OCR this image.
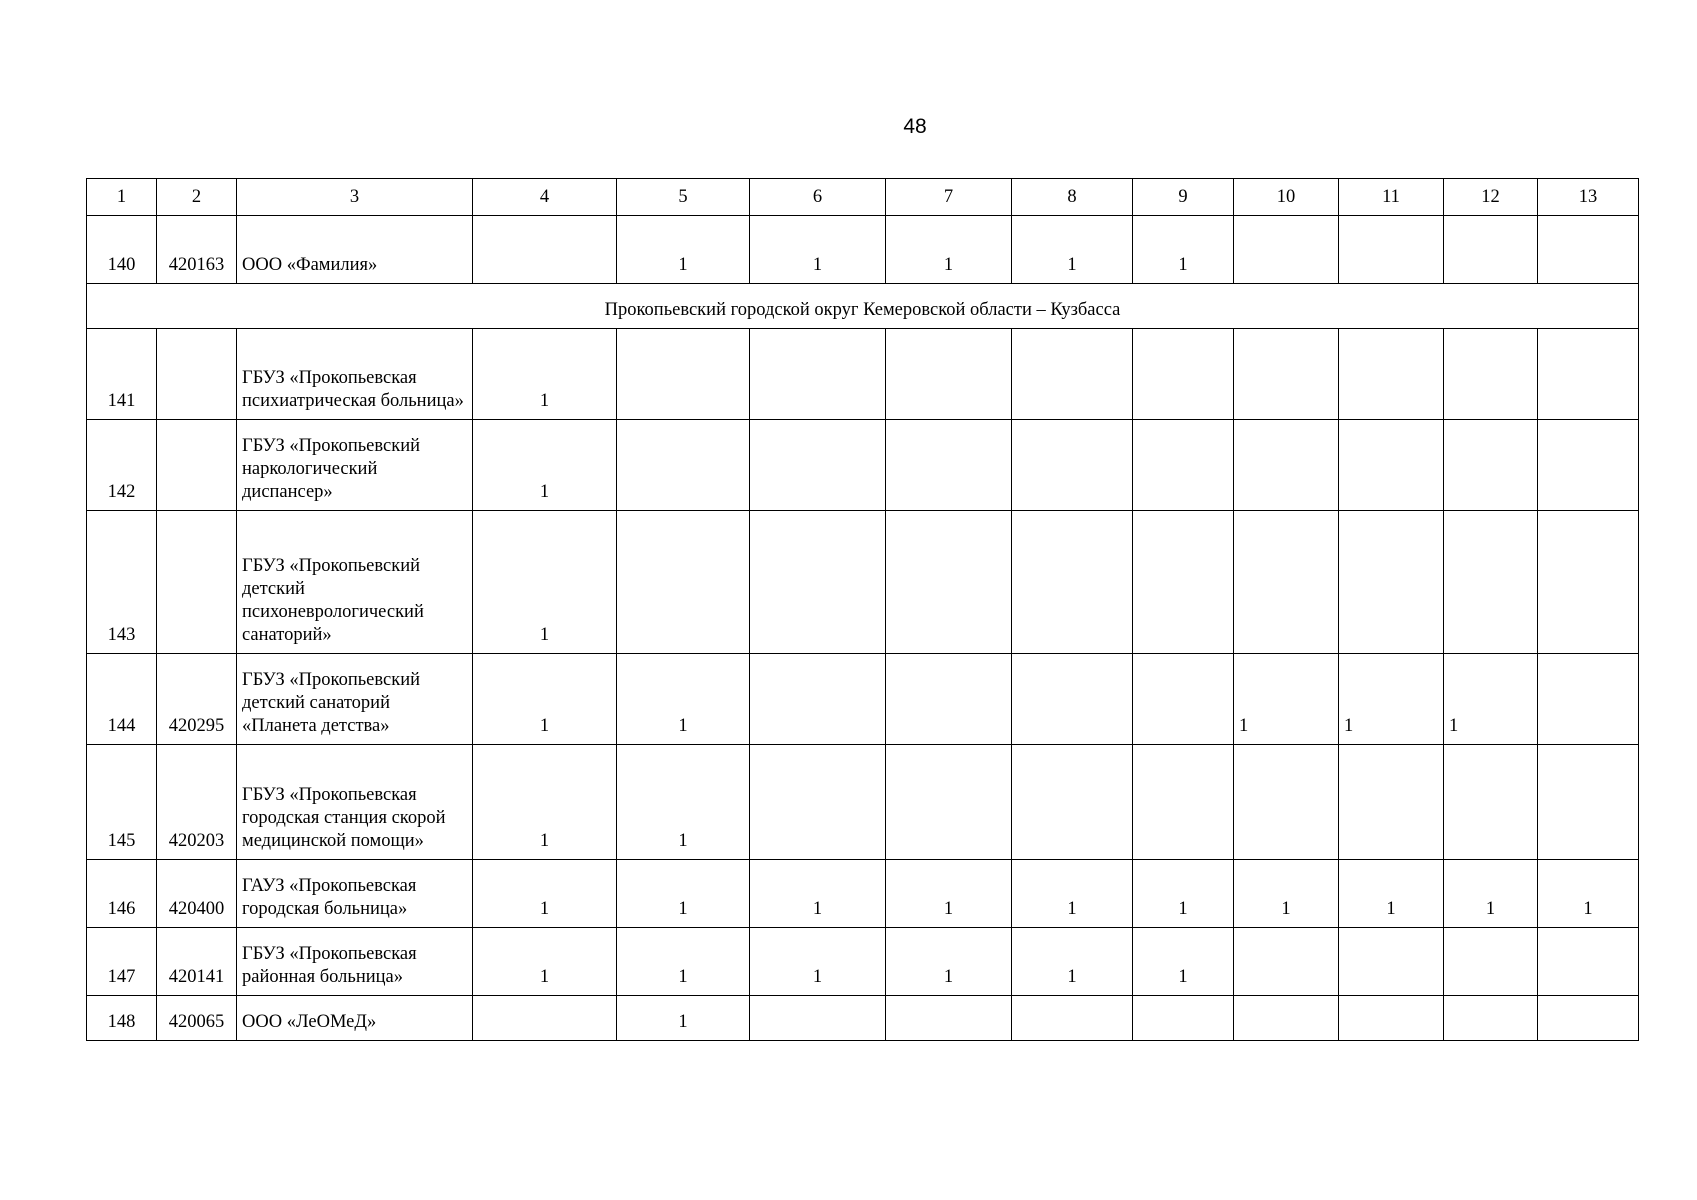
48
1	2	3	4	5	6	7	8	9	10	11	12	13
140	420163	ООО «Фамилия»		1	1	1	1	1				
Прокопьевский городской округ Кемеровской области – Кузбасса												
141		ГБУЗ «Прокопьевская психиатрическая больница»	1									
142		ГБУЗ «Прокопьевский наркологический диспансер»	1									
143		ГБУЗ «Прокопьевский детский психоневрологический санаторий»	1									
144	420295	ГБУЗ «Прокопьевский детский санаторий «Планета детства»	1	1					1	1	1	
145	420203	ГБУЗ «Прокопьевская городская станция скорой медицинской помощи»	1	1								
146	420400	ГАУЗ «Прокопьевская городская больница»	1	1	1	1	1	1	1	1	1	1
147	420141	ГБУЗ «Прокопьевская районная больница»	1	1	1	1	1	1				
148	420065	ООО «ЛеОМеД»		1								
